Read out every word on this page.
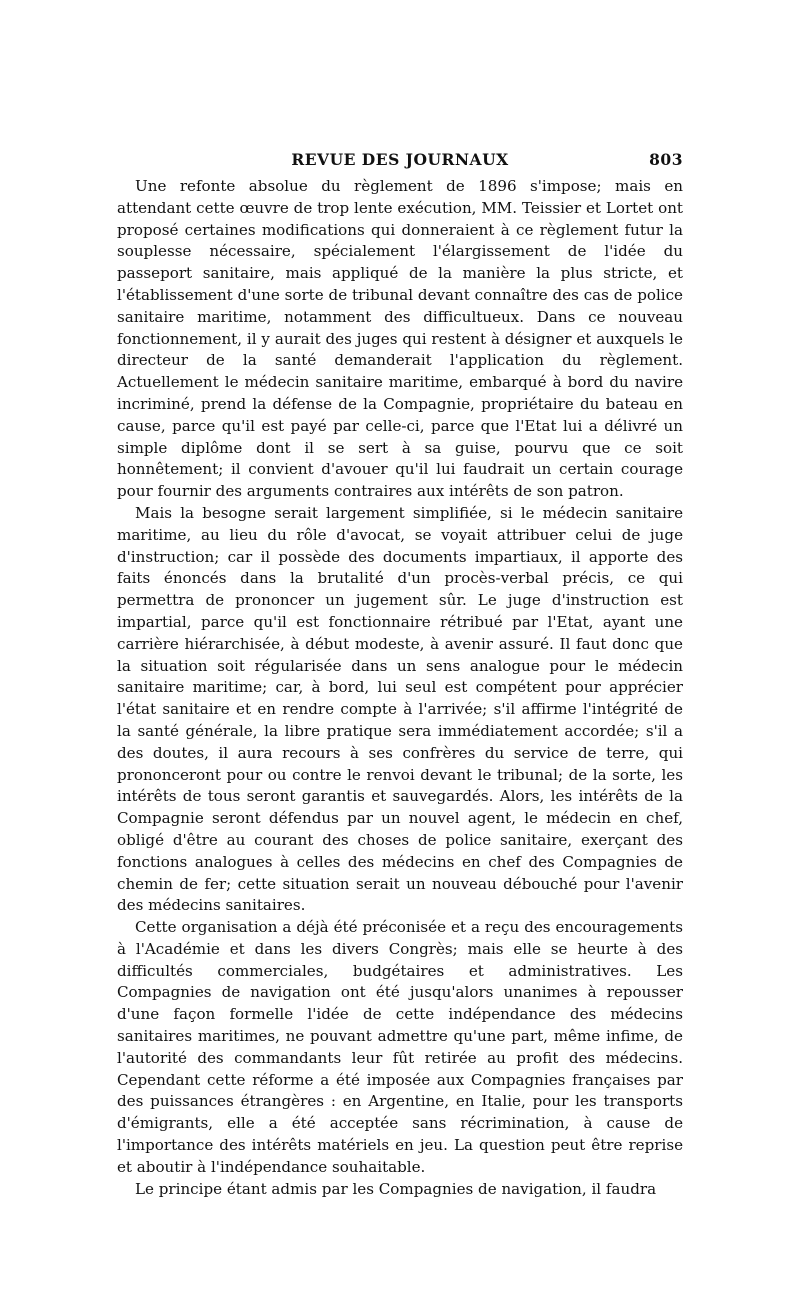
REVUE DES JOURNAUX	803

Une refonte absolue du règlement de 1896 s'impose; mais en attendant cette œuvre de trop lente exécution, MM. Teissier et Lortet ont proposé certaines modifications qui donneraient à ce règlement futur la souplesse nécessaire, spécialement l'élargissement de l'idée du passeport sanitaire, mais appliqué de la manière la plus stricte, et l'établissement d'une sorte de tribunal devant connaître des cas de police sanitaire maritime, notamment des difficultueux. Dans ce nouveau fonctionnement, il y aurait des juges qui restent à désigner et auxquels le directeur de la santé demanderait l'application du règlement. Actuellement le médecin sanitaire maritime, embarqué à bord du navire incriminé, prend la défense de la Compagnie, propriétaire du bateau en cause, parce qu'il est payé par celle-ci, parce que l'Etat lui a délivré un simple diplôme dont il se sert à sa guise, pourvu que ce soit honnêtement; il convient d'avouer qu'il lui faudrait un certain courage pour fournir des arguments contraires aux intérêts de son patron.

Mais la besogne serait largement simplifiée, si le médecin sanitaire maritime, au lieu du rôle d'avocat, se voyait attribuer celui de juge d'instruction; car il possède des documents impartiaux, il apporte des faits énoncés dans la brutalité d'un procès-verbal précis, ce qui permettra de prononcer un jugement sûr. Le juge d'instruction est impartial, parce qu'il est fonctionnaire rétribué par l'Etat, ayant une carrière hiérarchisée, à début modeste, à avenir assuré. Il faut donc que la situation soit régularisée dans un sens analogue pour le médecin sanitaire maritime; car, à bord, lui seul est compétent pour apprécier l'état sanitaire et en rendre compte à l'arrivée; s'il affirme l'intégrité de la santé générale, la libre pratique sera immédiatement accordée; s'il a des doutes, il aura recours à ses confrères du service de terre, qui prononceront pour ou contre le renvoi devant le tribunal; de la sorte, les intérêts de tous seront garantis et sauvegardés. Alors, les intérêts de la Compagnie seront défendus par un nouvel agent, le médecin en chef, obligé d'être au courant des choses de police sanitaire, exerçant des fonctions analogues à celles des médecins en chef des Compagnies de chemin de fer; cette situation serait un nouveau débouché pour l'avenir des médecins sanitaires.

Cette organisation a déjà été préconisée et a reçu des encouragements à l'Académie et dans les divers Congrès; mais elle se heurte à des difficultés commerciales, budgétaires et administratives. Les Compagnies de navigation ont été jusqu'alors unanimes à repousser d'une façon formelle l'idée de cette indépendance des médecins sanitaires maritimes, ne pouvant admettre qu'une part, même infime, de l'autorité des commandants leur fût retirée au profit des médecins. Cependant cette réforme a été imposée aux Compagnies françaises par des puissances étrangères : en Argentine, en Italie, pour les transports d'émigrants, elle a été acceptée sans récrimination, à cause de l'importance des intérêts matériels en jeu. La question peut être reprise et aboutir à l'indépendance souhaitable.

Le principe étant admis par les Compagnies de navigation, il faudra
